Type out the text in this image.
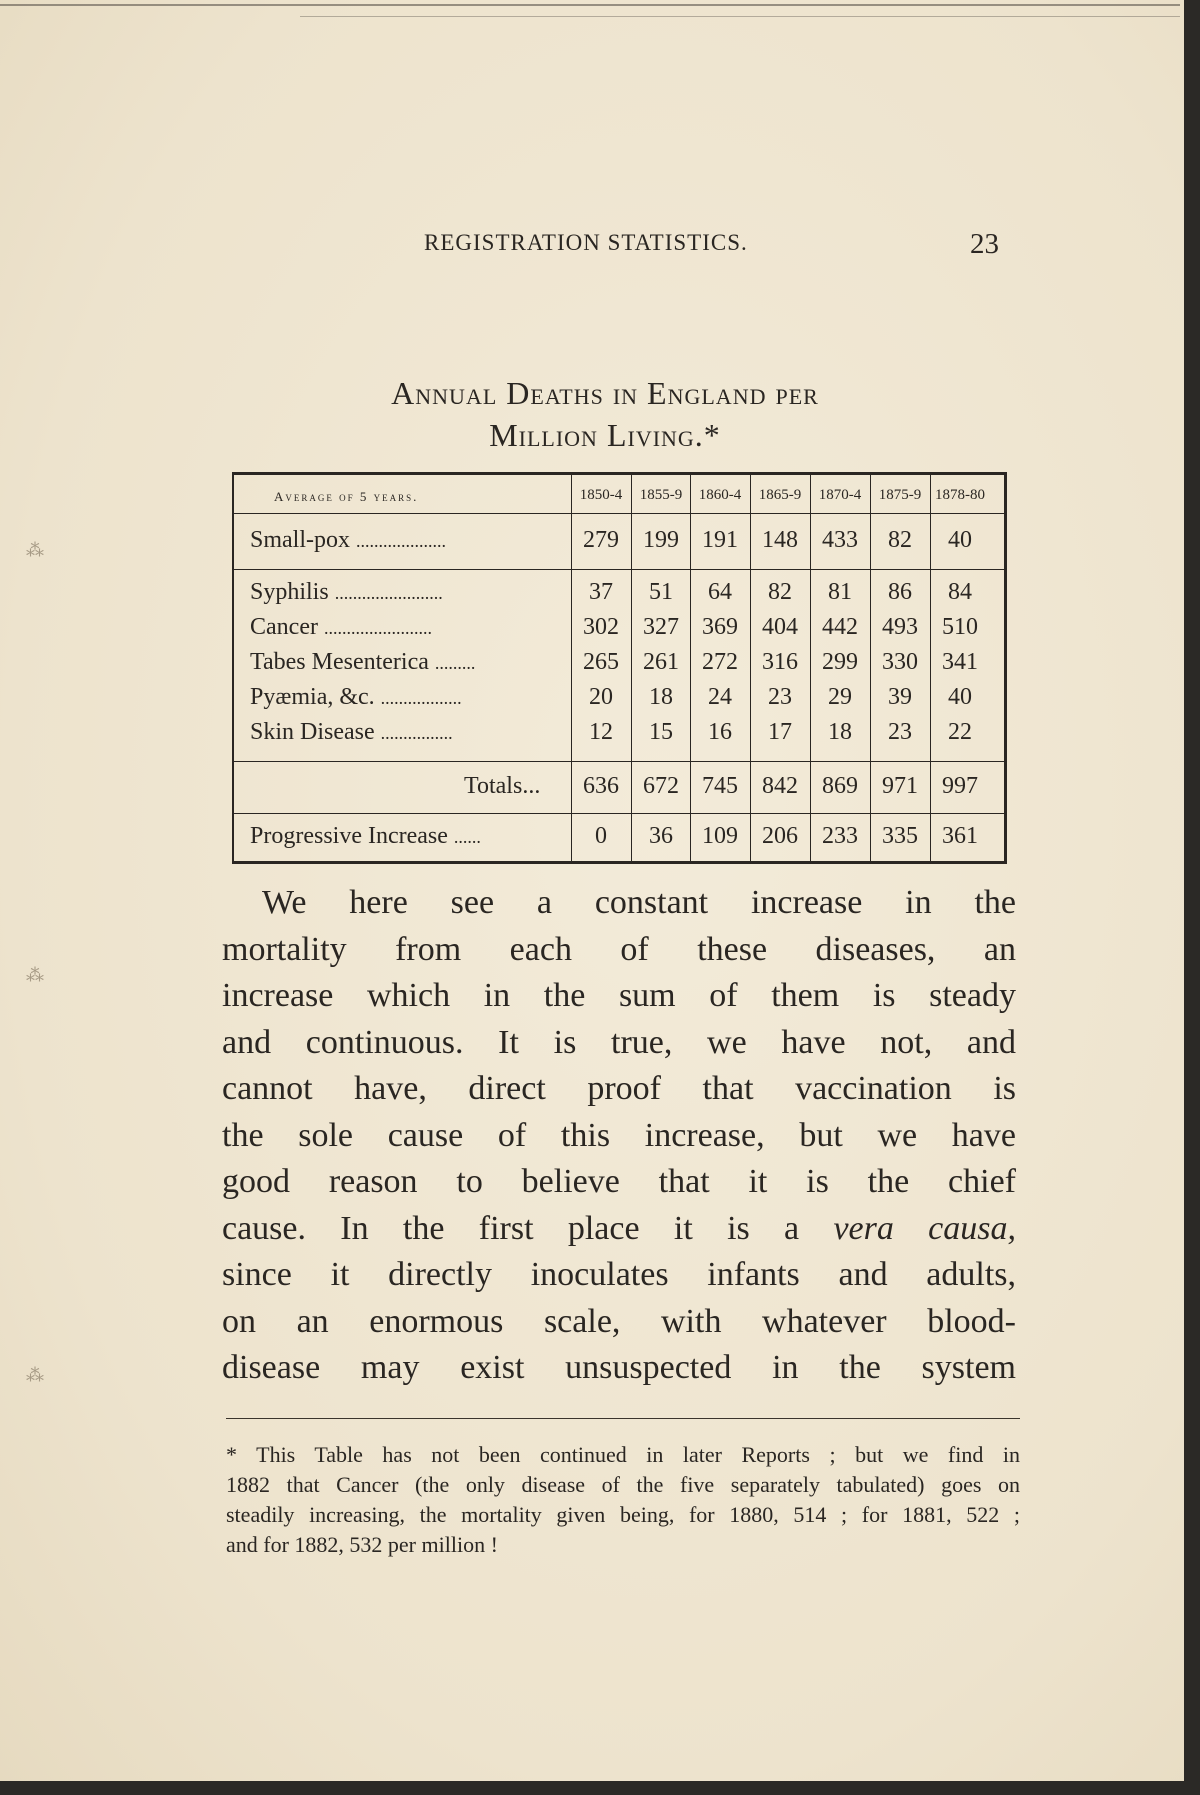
⁂
⁂
⁂
REGISTRATION STATISTICS.	23
Annual Deaths in England per
Million Living.*
Average of 5 years.	1850-4	1855-9	1860-4	1865-9	1870-4	1875-9 1878-80
Small-pox ....................	279	199 191	148	433	82	40
Syphilis ........................	37	51	64	82	81	86	84
Cancer ........................	302	327 369	404	442	493	510
Tabes Mesenterica .........	265	261 272	316	299	330	341
Pyæmia, &c. ..................	20	18	24	23	29	39	40
Skin Disease ................	12	15	16	17	18	23	22
Totals...	636	672 745	842	869	971	997
Progressive Increase ......	0	36	109	206	233	335	361
We here see a constant increase in the
mortality from each of these diseases, an
increase which in the sum of them is steady
and continuous. It is true, we have not, and
cannot have, direct proof that vaccination is
the sole cause of this increase, but we have
good reason to believe that it is the chief
cause. In the first place it is a vera causa,
since it directly inoculates infants and adults,
on an enormous scale, with whatever blood-
disease may exist unsuspected in the system
* This Table has not been continued in later Reports ; but we find in
1882 that Cancer (the only disease of the five separately tabulated) goes on
steadily increasing, the mortality given being, for 1880, 514 ; for 1881, 522 ;
and for 1882, 532 per million !
